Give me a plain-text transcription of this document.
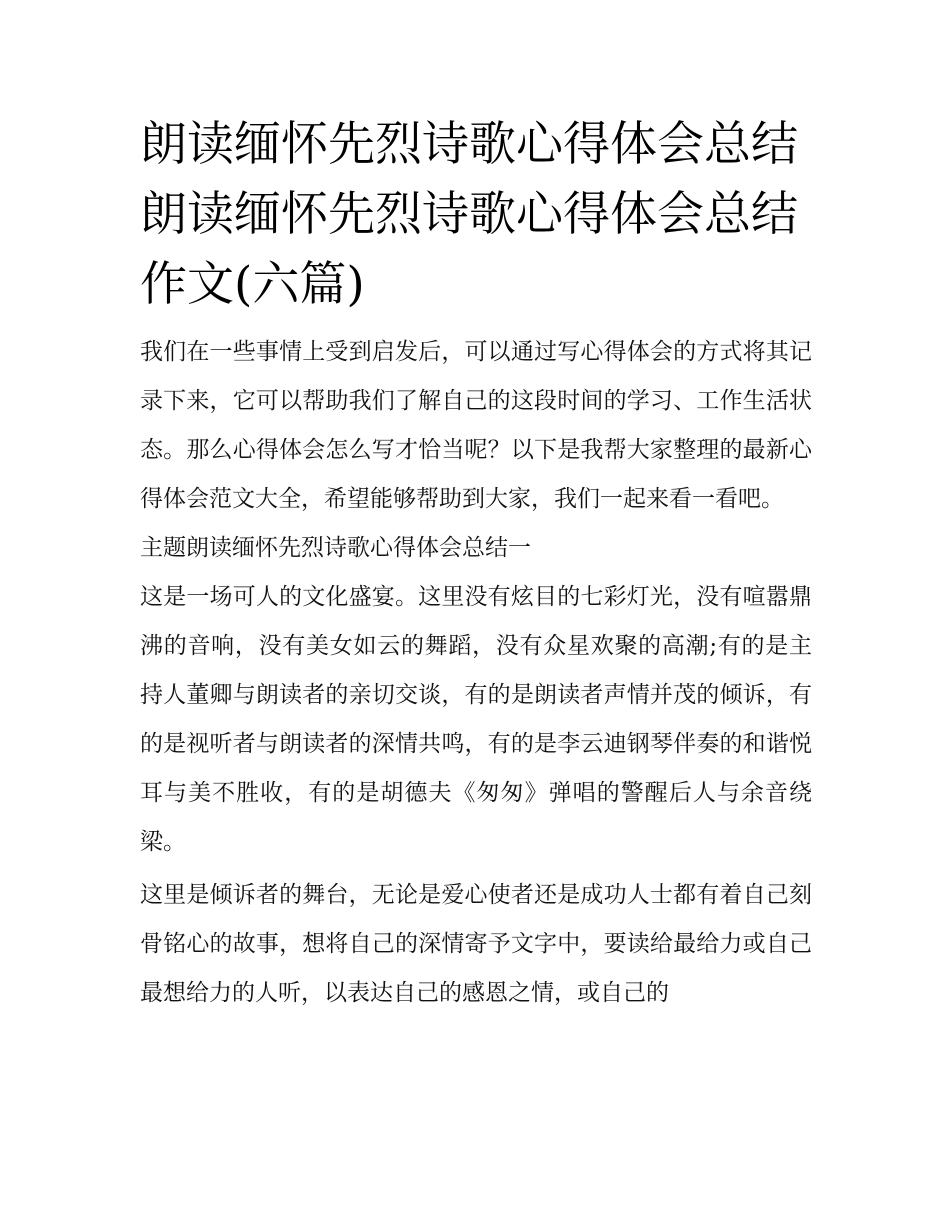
朗读缅怀先烈诗歌心得体会总结 朗读缅怀先烈诗歌心得体会总结作文(六篇)

我们在一些事情上受到启发后，可以通过写心得体会的方式将其记录下来，它可以帮助我们了解自己的这段时间的学习、工作生活状态。那么心得体会怎么写才恰当呢？以下是我帮大家整理的最新心得体会范文大全，希望能够帮助到大家，我们一起来看一看吧。

主题朗读缅怀先烈诗歌心得体会总结一

这是一场可人的文化盛宴。这里没有炫目的七彩灯光，没有喧嚣鼎沸的音响，没有美女如云的舞蹈，没有众星欢聚的高潮;有的是主持人董卿与朗读者的亲切交谈，有的是朗读者声情并茂的倾诉，有的是视听者与朗读者的深情共鸣，有的是李云迪钢琴伴奏的和谐悦耳与美不胜收，有的是胡德夫《匆匆》弹唱的警醒后人与余音绕梁。

这里是倾诉者的舞台，无论是爱心使者还是成功人士都有着自己刻骨铭心的故事，想将自己的深情寄予文字中，要读给最给力或自己最想给力的人听，以表达自己的感恩之情，或自己的
